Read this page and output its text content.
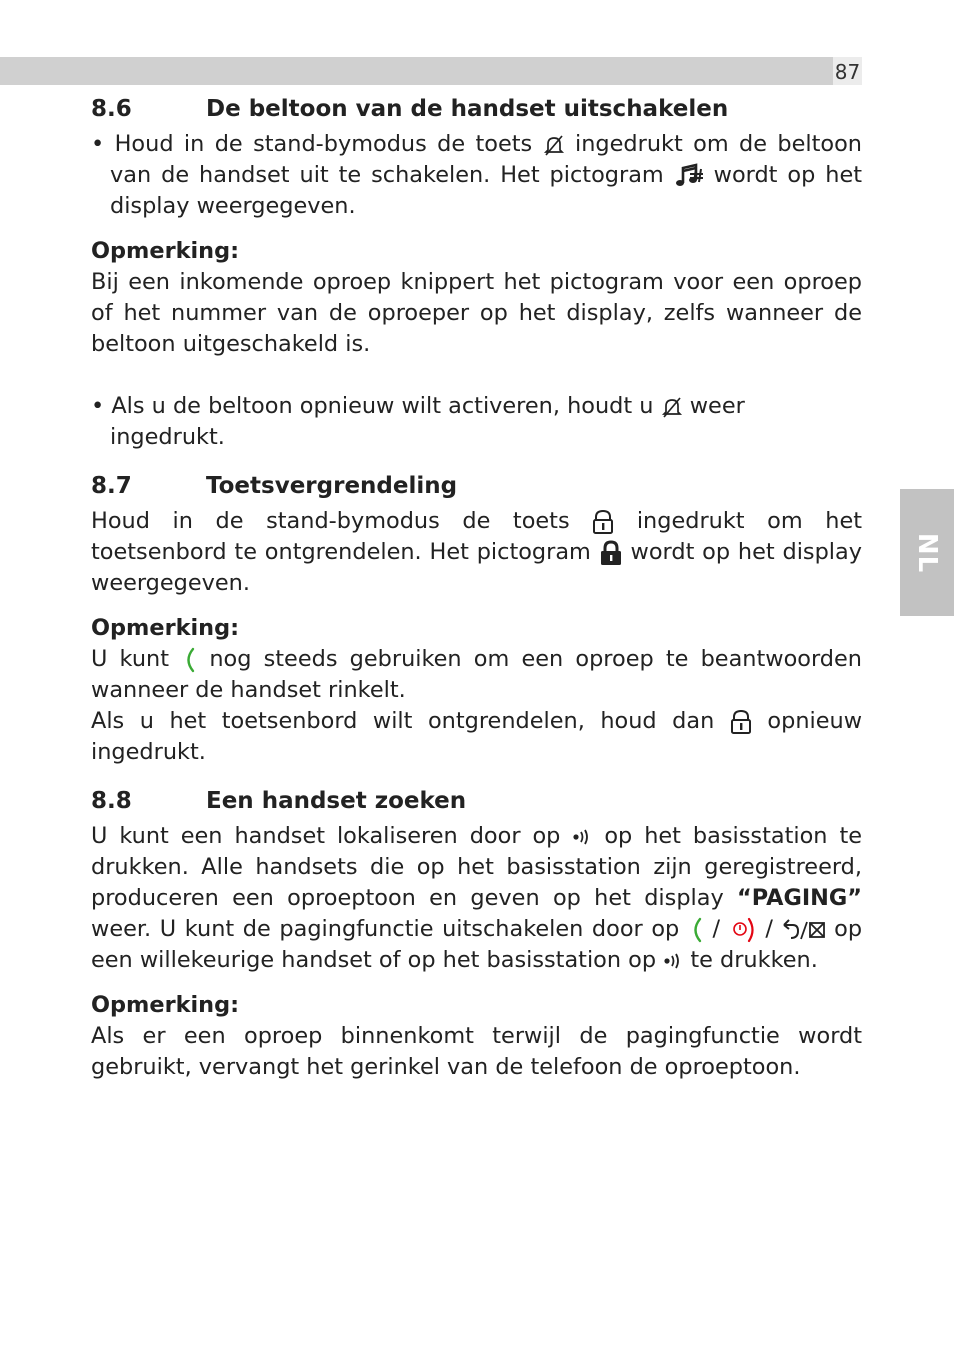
87
NL
8.6	De beltoon van de handset uitschakelen

• Houd in de stand-bymodus de toets ingedrukt om de beltoon van de handset uit te schakelen. Het pictogram wordt op het display weergegeven.

Opmerking:

Bij een inkomende oproep knippert het pictogram voor een oproep of het nummer van de oproeper op het display, zelfs wanneer de beltoon uitgeschakeld is.

• Als u de beltoon opnieuw wilt activeren, houdt u weer ingedrukt.

8.7	Toetsvergrendeling

Houd in de stand-bymodus de toets	ingedrukt om het toetsenbord te ontgrendelen. Het pictogram wordt op het display weergegeven.

Opmerking:

U kunt nog steeds gebruiken om een oproep te beantwoorden wanneer de handset rinkelt.

Als u het toetsenbord wilt ontgrendelen, houd dan opnieuw ingedrukt.

8.8	Een handset zoeken

U kunt een handset lokaliseren door op op het basisstation te drukken. Alle handsets die op het basisstation zijn geregistreerd, produceren een oproeptoon en geven op het display “PAGING” weer. U kunt de pagingfunctie uitschakelen door op / /	op een willekeurige handset of op het basisstation op te drukken.

Opmerking:

Als er een oproep binnenkomt terwijl de pagingfunctie wordt gebruikt, vervangt het gerinkel van de telefoon de oproeptoon.
